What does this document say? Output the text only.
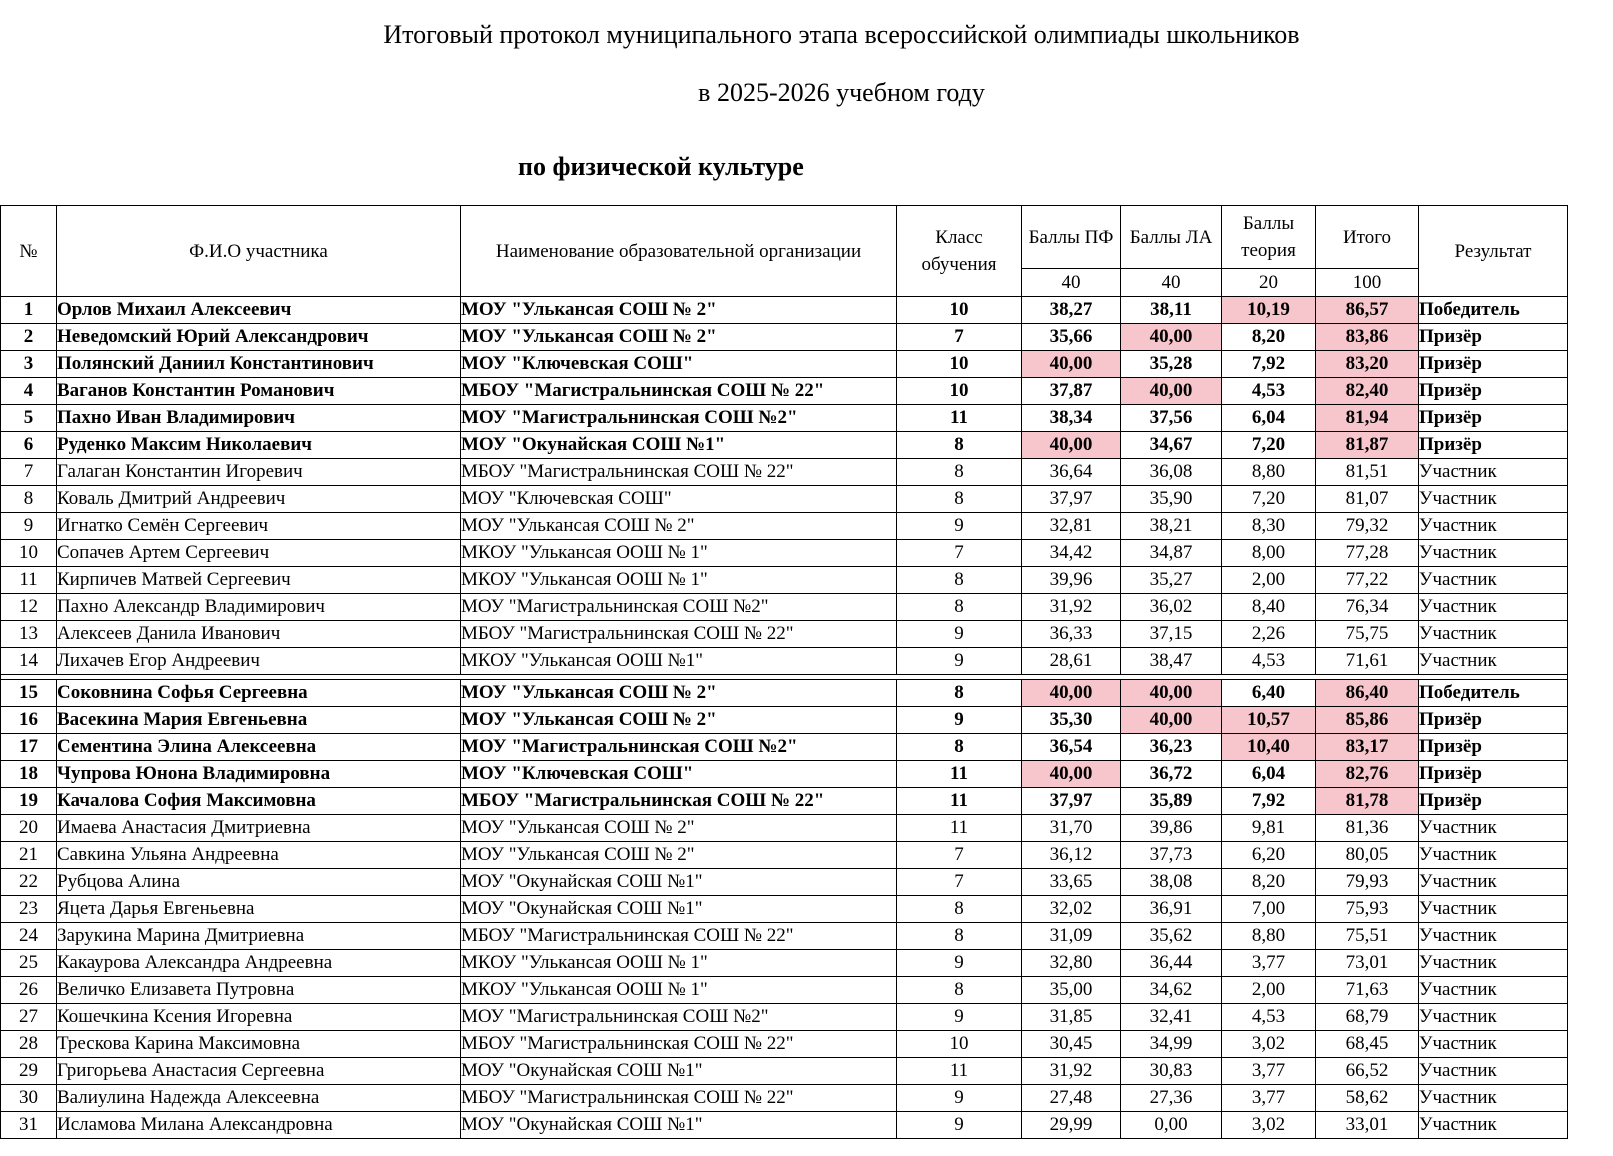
Итоговый протокол муниципального этапа всероссийской олимпиады школьников
в 2025-2026 учебном году
по физической культуре
№	Ф.И.О участника	Наименование образовательной организации	Класс обучения	Баллы ПФ	Баллы ЛА	Баллы теория	Итого	Результат
				40	40	20	100	
1	Орлов Михаил Алексеевич	МОУ "Улькансая СОШ № 2"	10	38,27	38,11	10,19	86,57	Победитель
2	Неведомский Юрий Александрович	МОУ "Улькансая СОШ № 2"	7	35,66	40,00	8,20	83,86	Призёр
3	Полянский Даниил Константинович	МОУ "Ключевская СОШ"	10	40,00	35,28	7,92	83,20	Призёр
4	Ваганов Константин Романович	МБОУ "Магистральнинская СОШ № 22"	10	37,87	40,00	4,53	82,40	Призёр
5	Пахно Иван Владимирович	МОУ "Магистральнинская СОШ №2"	11	38,34	37,56	6,04	81,94	Призёр
6	Руденко Максим Николаевич	МОУ "Окунайская СОШ №1"	8	40,00	34,67	7,20	81,87	Призёр
7	Галаган Константин Игоревич	МБОУ "Магистральнинская СОШ № 22"	8	36,64	36,08	8,80	81,51	Участник
8	Коваль Дмитрий Андреевич	МОУ "Ключевская СОШ"	8	37,97	35,90	7,20	81,07	Участник
9	Игнатко Семён Сергеевич	МОУ "Улькансая СОШ № 2"	9	32,81	38,21	8,30	79,32	Участник
10	Сопачев Артем Сергеевич	МКОУ "Улькансая ООШ № 1"	7	34,42	34,87	8,00	77,28	Участник
11	Кирпичев Матвей Сергеевич	МКОУ "Улькансая ООШ № 1"	8	39,96	35,27	2,00	77,22	Участник
12	Пахно Александр Владимирович	МОУ "Магистральнинская СОШ №2"	8	31,92	36,02	8,40	76,34	Участник
13	Алексеев Данила Иванович	МБОУ "Магистральнинская СОШ № 22"	9	36,33	37,15	2,26	75,75	Участник
14	Лихачев Егор Андреевич	МКОУ "Улькансая ООШ №1"	9	28,61	38,47	4,53	71,61	Участник

15	Соковнина Софья Сергеевна	МОУ "Улькансая СОШ № 2"	8	40,00	40,00	6,40	86,40	Победитель
16	Васекина Мария Евгеньевна	МОУ "Улькансая СОШ № 2"	9	35,30	40,00	10,57	85,86	Призёр
17	Сементина Элина Алексеевна	МОУ "Магистральнинская СОШ №2"	8	36,54	36,23	10,40	83,17	Призёр
18	Чупрова Юнона Владимировна	МОУ "Ключевская СОШ"	11	40,00	36,72	6,04	82,76	Призёр
19	Качалова София Максимовна	МБОУ "Магистральнинская СОШ № 22"	11	37,97	35,89	7,92	81,78	Призёр
20	Имаева Анастасия Дмитриевна	МОУ "Улькансая СОШ № 2"	11	31,70	39,86	9,81	81,36	Участник
21	Савкина Ульяна Андреевна	МОУ "Улькансая СОШ № 2"	7	36,12	37,73	6,20	80,05	Участник
22	Рубцова Алина	МОУ "Окунайская СОШ №1"	7	33,65	38,08	8,20	79,93	Участник
23	Яцета Дарья Евгеньевна	МОУ "Окунайская СОШ №1"	8	32,02	36,91	7,00	75,93	Участник
24	Зарукина Марина Дмитриевна	МБОУ "Магистральнинская СОШ № 22"	8	31,09	35,62	8,80	75,51	Участник
25	Какаурова Александра Андреевна	МКОУ "Улькансая ООШ № 1"	9	32,80	36,44	3,77	73,01	Участник
26	Величко Елизавета Путровна	МКОУ "Улькансая ООШ № 1"	8	35,00	34,62	2,00	71,63	Участник
27	Кошечкина Ксения Игоревна	МОУ "Магистральнинская СОШ №2"	9	31,85	32,41	4,53	68,79	Участник
28	Трескова Карина Максимовна	МБОУ "Магистральнинская СОШ № 22"	10	30,45	34,99	3,02	68,45	Участник
29	Григорьева Анастасия Сергеевна	МОУ "Окунайская СОШ №1"	11	31,92	30,83	3,77	66,52	Участник
30	Валиулина Надежда Алексеевна	МБОУ "Магистральнинская СОШ № 22"	9	27,48	27,36	3,77	58,62	Участник
31	Исламова Милана Александровна	МОУ "Окунайская СОШ №1"	9	29,99	0,00	3,02	33,01	Участник
